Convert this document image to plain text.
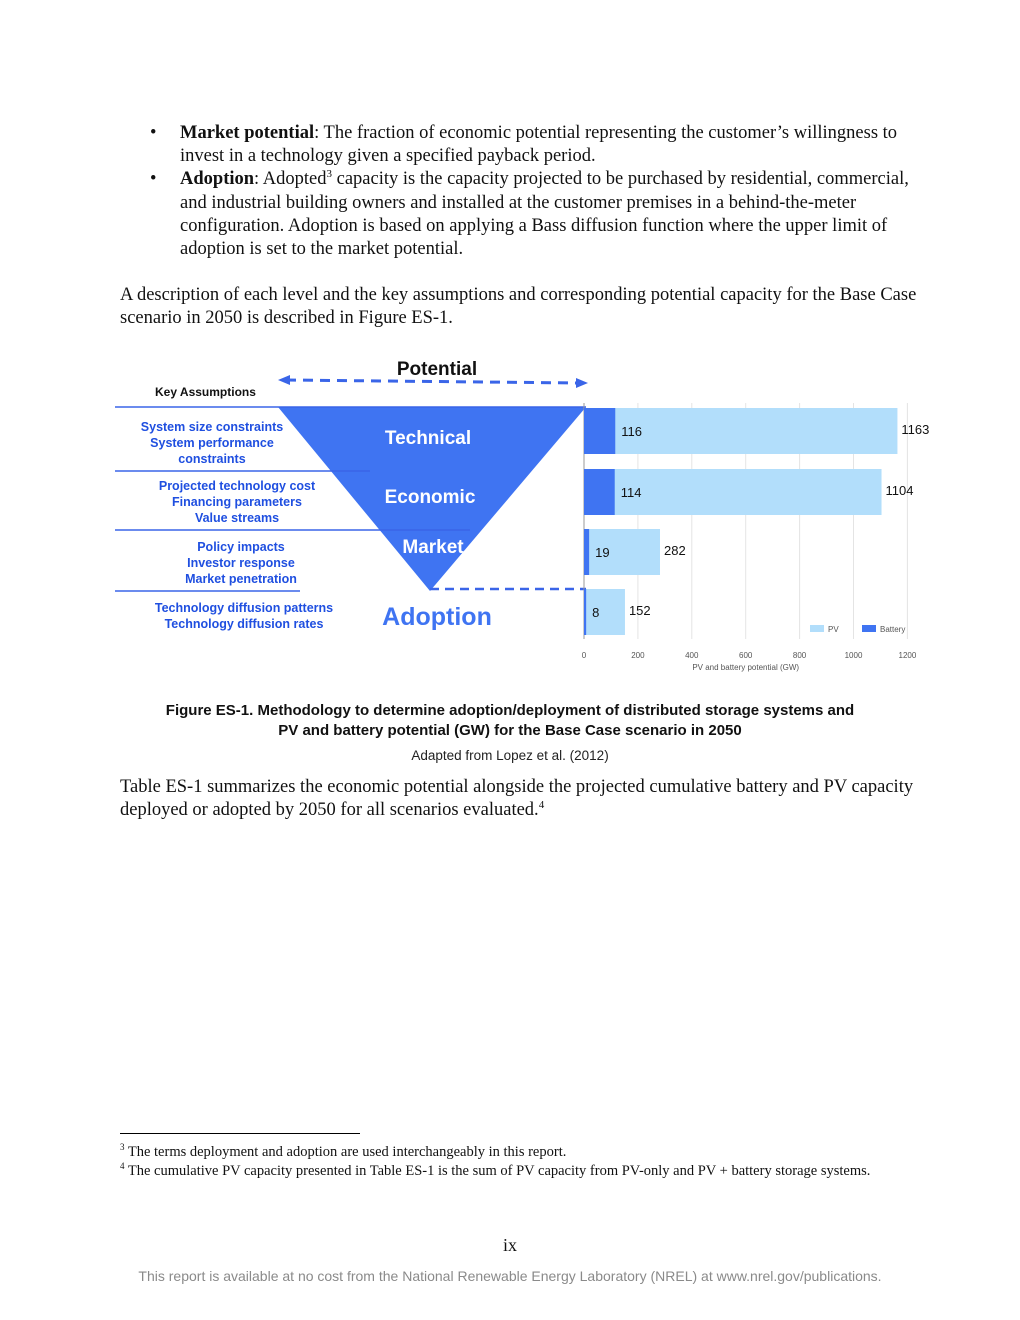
• Market potential: The fraction of economic potential representing the customer’s willingness to invest in a technology given a specified payback period.
• Adoption: Adopted$^3$ capacity is the capacity projected to be purchased by residential, commercial, and industrial building owners and installed at the customer premises in a behind-the-meter configuration. Adoption is based on applying a Bass diffusion function where the upper limit of adoption is set to the market potential.
A description of each level and the key assumptions and corresponding potential capacity for the Base Case scenario in 2050 is described in Figure ES-1.
Potential
Key Assumptions
Technical
Economic
Market
Adoption
System size constraints
System performance
constraints
Projected technology cost
Financing parameters
Value streams
Policy impacts
Investor response
Market penetration
Technology diffusion patterns
Technology diffusion rates
0	200	400	600	800	1000	1200
116	1163
114	1104
19	282
8 152
PV and battery potential (GW)
PV	Battery
Figure ES-1. Methodology to determine adoption/deployment of distributed storage systems and
PV and battery potential (GW) for the Base Case scenario in 2050
Adapted from Lopez et al. (2012)
Table ES-1 summarizes the economic potential alongside the projected cumulative battery and PV capacity deployed or adopted by 2050 for all scenarios evaluated.$^4$
$^3$ The terms deployment and adoption are used interchangeably in this report.
$^4$ The cumulative PV capacity presented in Table ES-1 is the sum of PV capacity from PV-only and PV + battery storage systems.
ix
This report is available at no cost from the National Renewable Energy Laboratory (NREL) at www.nrel.gov/publications.
